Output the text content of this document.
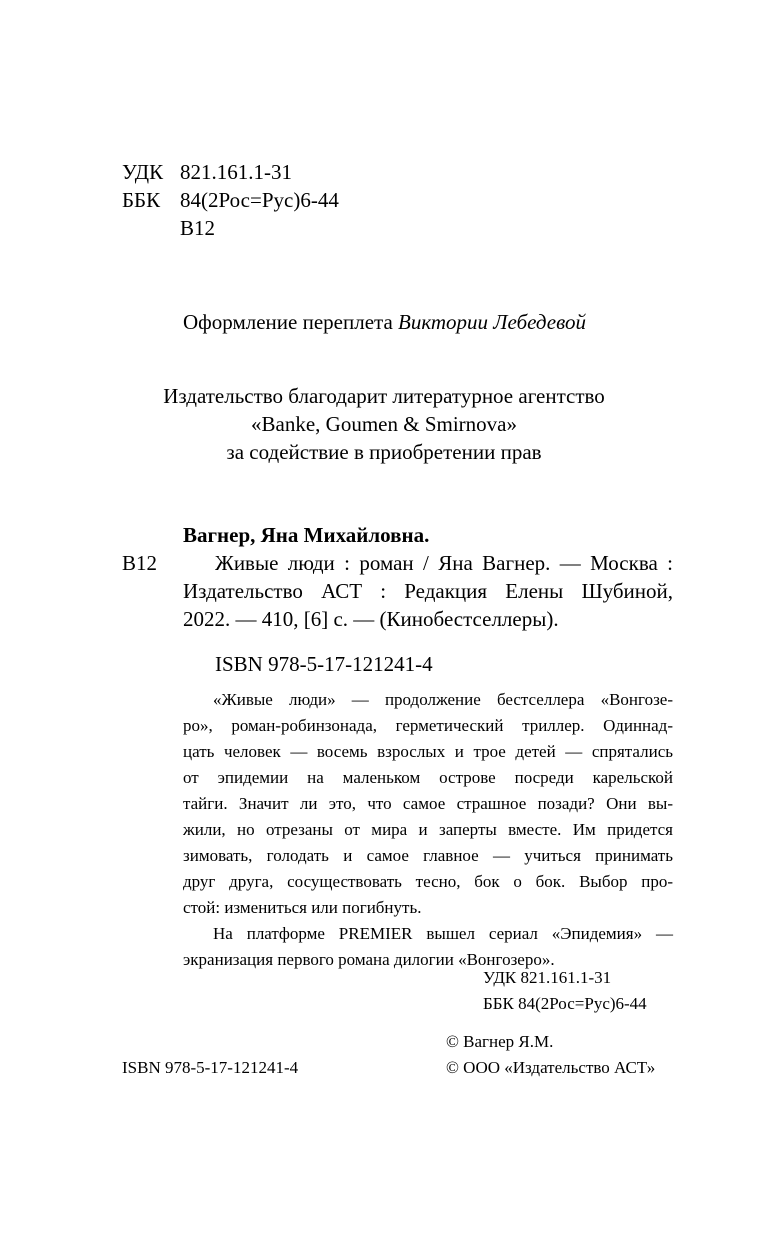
УДК	821.161.1-31
ББК	84(2Рос=Рус)6-44
	В12
Оформление переплета Виктории Лебедевой
Издательство благодарит литературное агентство
«Banke, Goumen & Smirnova»
за содействие в приобретении прав
Вагнер, Яна Михайловна.
В12	Живые люди : роман / Яна Вагнер. — Москва :
Издательство АСТ : Редакция Елены Шубиной,
2022. — 410, [6] с. — (Кинобестселлеры).
ISBN 978-5-17-121241-4
«Живые люди» — продолжение бестселлера «Вонгозе-
ро», роман-робинзонада, герметический триллер. Одиннад-
цать человек — восемь взрослых и трое детей — спрятались
от эпидемии на маленьком острове посреди карельской
тайги. Значит ли это, что самое страшное позади? Они вы-
жили, но отрезаны от мира и заперты вместе. Им придется
зимовать, голодать и самое главное — учиться принимать
друг друга, сосуществовать тесно, бок о бок. Выбор про-
стой: измениться или погибнуть.
На платформе PREMIER вышел сериал «Эпидемия» —
экранизация первого романа дилогии «Вонгозеро».
УДК 821.161.1-31
ББК 84(2Рос=Рус)6-44
© Вагнер Я.М.
© ООО «Издательство АСТ»
ISBN 978-5-17-121241-4
